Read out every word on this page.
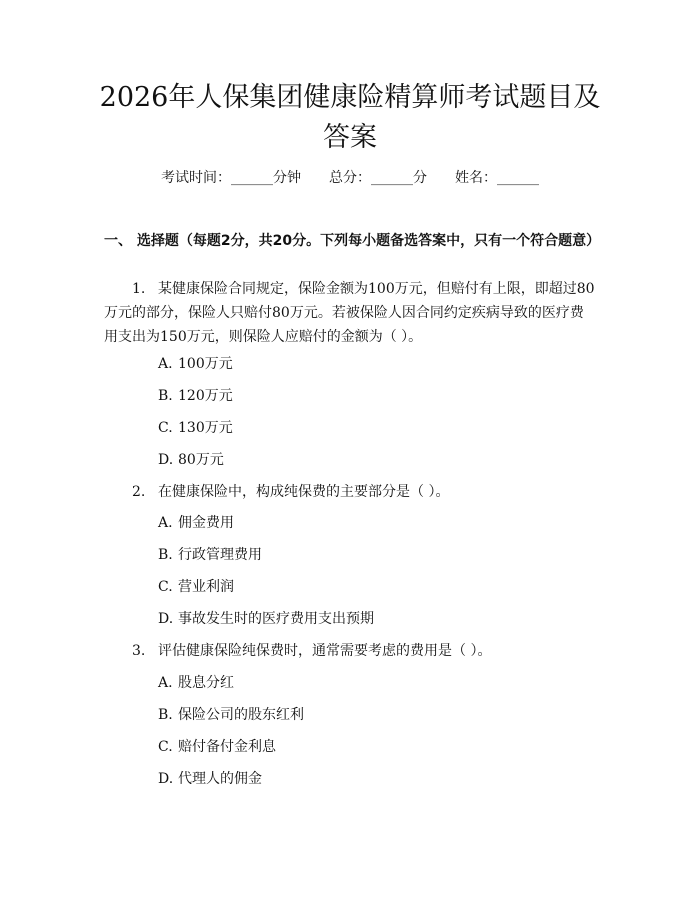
2026年人保集团健康险精算师考试题目及答案
考试时间：______分钟 总分：______分 姓名：______
一、 选择题（每题2分，共20分。下列每小题备选答案中，只有一个符合题意）

1. 某健康保险合同规定，保险金额为100万元，但赔付有上限，即超过80万元的部分，保险人只赔付80万元。若被保险人因合同约定疾病导致的医疗费用支出为150万元，则保险人应赔付的金额为（ ）。

A. 100万元
B. 120万元
C. 130万元
D. 80万元
2. 在健康保险中，构成纯保费的主要部分是（ ）。
A. 佣金费用
B. 行政管理费用
C. 营业利润
D. 事故发生时的医疗费用支出预期
3. 评估健康保险纯保费时，通常需要考虑的费用是（ ）。
A. 股息分红
B. 保险公司的股东红利
C. 赔付备付金利息
D. 代理人的佣金
